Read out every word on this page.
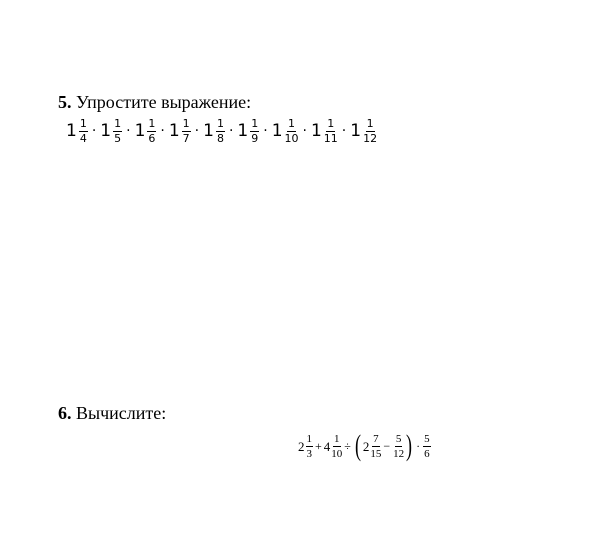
5. Упростите выражение:
$1 \frac{1}{4} \cdot 1 \frac{1}{5} \cdot 1 \frac{1}{6} \cdot 1 \frac{1}{7} \cdot 1 \frac{1}{8} \cdot 1 \frac{1}{9} \cdot 1 \frac{1}{10} \cdot 1 \frac{1}{11} \cdot 1 \frac{1}{12}$
6. Вычислите:
$2 \frac{1}{3} + 4 \frac{1}{10}$ ÷ ( $2 \frac{7}{15} - \frac{5}{12}$ ) · $\frac{5}{6}$
